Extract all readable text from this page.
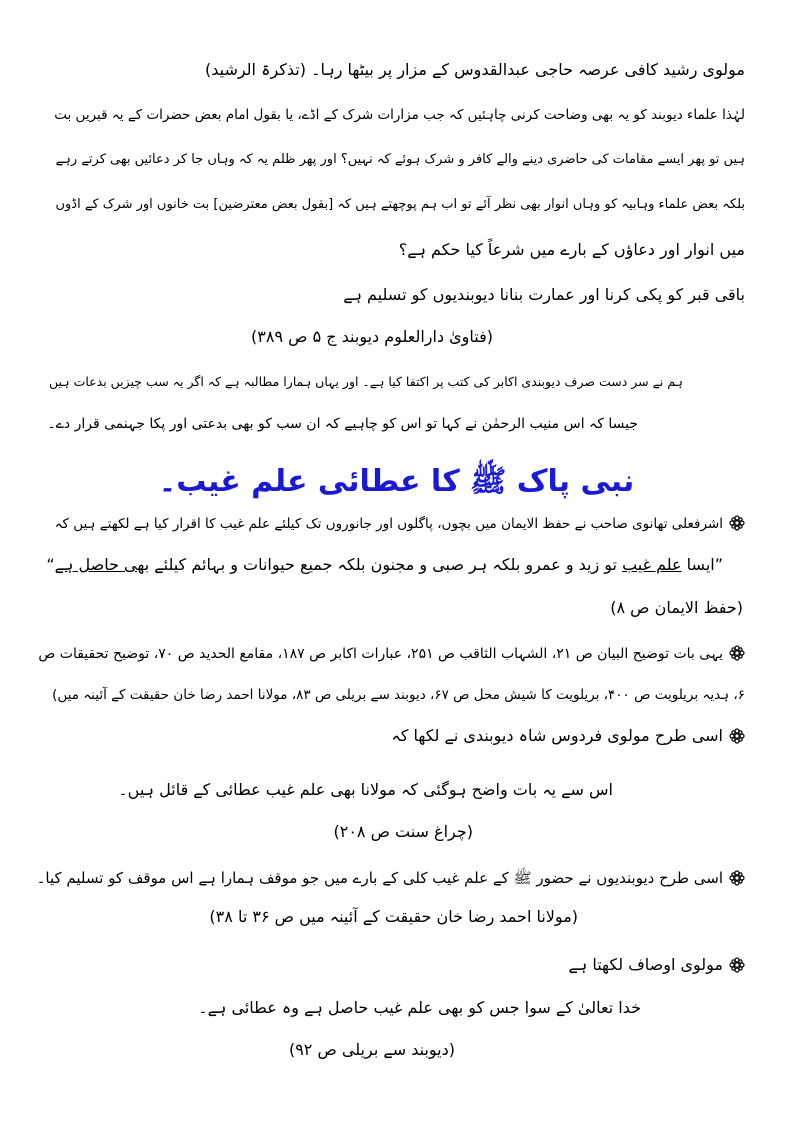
مولوی رشید کافی عرصہ حاجی عبدالقدوس کے مزار پر بیٹھا رہا۔ (تذکرۃ الرشید)
لہٰذا علماء دیوبند کو یہ بھی وضاحت کرنی چاہئیں کہ جب مزارات شرک کے اڈے، یا بقول امام بعض حضرات کے یہ قبریں بت
ہیں تو پھر ایسے مقامات کی حاضری دینے والے کافر و شرک ہوئے کہ نہیں؟ اور پھر ظلم یہ کہ وہاں جا کر دعائیں بھی کرتے رہے
بلکہ بعض علماء وہابیہ کو وہاں انوار بھی نظر آئے تو اب ہم پوچھتے ہیں کہ [بقول بعض معترضین] بت خانوں اور شرک کے اڈوں
میں انوار اور دعاؤں کے بارے میں شرعاً کیا حکم ہے؟
باقی قبر کو پکی کرنا اور عمارت بنانا دیوبندیوں کو تسلیم ہے
(فتاویٰ دارالعلوم دیوبند ج ۵ ص ۳۸۹)
ہم نے سر دست صرف دیوبندی اکابر کی کتب پر اکتفا کیا ہے۔ اور یہاں ہمارا مطالبہ ہے کہ اگر یہ سب چیزیں بدعات ہیں
جیسا کہ اس منیب الرحمٰن نے کہا تو اس کو چاہیے کہ ان سب کو بھی بدعتی اور پکا جہنمی قرار دے۔
نبی پاک ﷺ کا عطائی علم غیب۔
اشرفعلی تھانوی صاحب نے حفظ الایمان میں بچوں، پاگلوں اور جانوروں تک کیلئے علم غیب کا اقرار کیا ہے لکھتے ہیں کہ
”ایسا علم غیب تو زید و عمرو بلکہ ہر صبی و مجنون بلکہ جمیع حیوانات و بہائم کیلئے بھی حاصل ہے“
(حفظ الایمان ص ۸)
یہی بات توضیح البیان ص ۲۱، الشہاب الثاقب ص ۲۵۱، عبارات اکابر ص ۱۸۷، مقامع الحدید ص ۷۰، توضیح تحقیقات ص
۶، ہدیہ بریلویت ص ۴۰۰، بریلویت کا شیش محل ص ۶۷، دیوبند سے بریلی ص ۸۳، مولانا احمد رضا خان حقیقت کے آئینہ میں)
اسی طرح مولوی فردوس شاہ دیوبندی نے لکھا کہ
اس سے یہ بات واضح ہوگئی کہ مولانا بھی علم غیب عطائی کے قائل ہیں۔
(چراغ سنت ص ۲۰۸)
اسی طرح دیوبندیوں نے حضور ﷺ کے علم غیب کلی کے بارے میں جو موقف ہمارا ہے اس موقف کو تسلیم کیا۔
(مولانا احمد رضا خان حقیقت کے آئینہ میں ص ۳۶ تا ۳۸)
مولوی اوصاف لکھتا ہے
خدا تعالیٰ کے سوا جس کو بھی علم غیب حاصل ہے وہ عطائی ہے۔
(دیوبند سے بریلی ص ۹۲)
